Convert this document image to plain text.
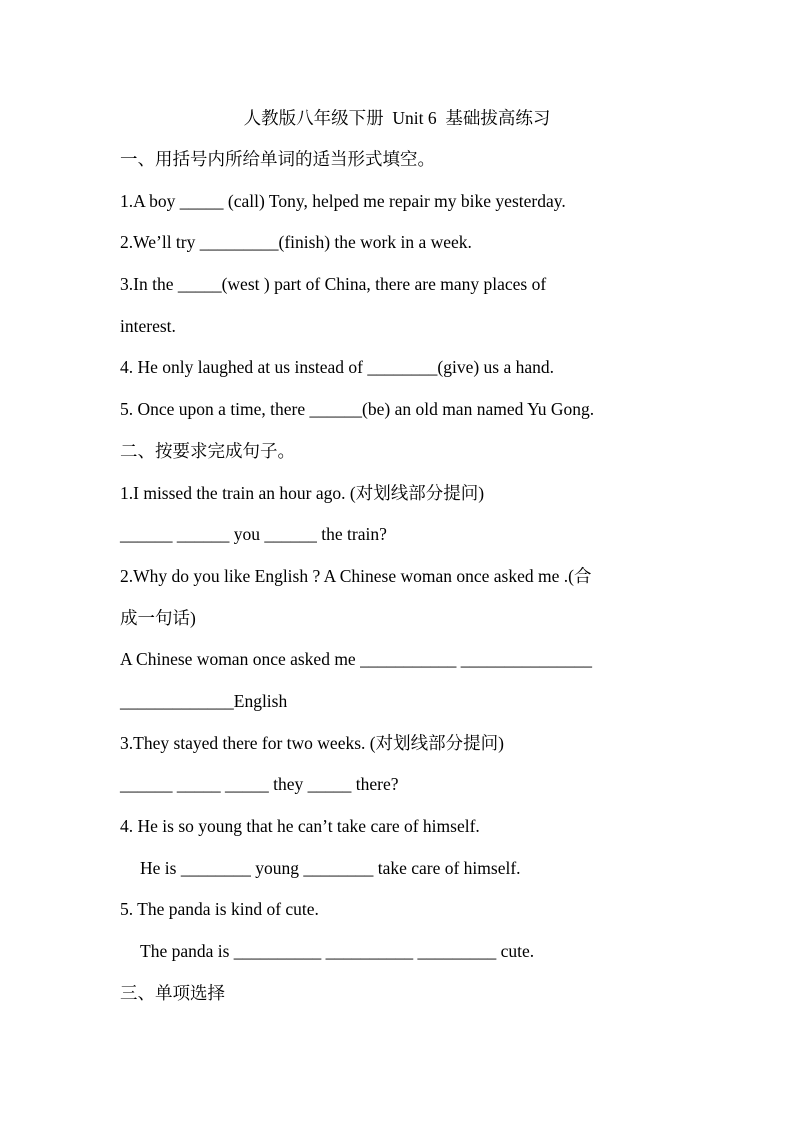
人教版八年级下册  Unit 6  基础拔高练习
一、用括号内所给单词的适当形式填空。
1.A boy _____ (call) Tony, helped me repair my bike yesterday.
2.We’ll try _________(finish) the work in a week.
3.In the _____(west ) part of China, there are many places of
interest.
4. He only laughed at us instead of ________(give) us a hand.
5. Once upon a time, there ______(be) an old man named Yu Gong.
二、按要求完成句子。
1.I missed the train an hour ago. (对划线部分提问)
______ ______ you ______ the train?
2.Why do you like English ? A Chinese woman once asked me .(合
成一句话)
A Chinese woman once asked me ___________ _______________
_____________English
3.They stayed there for two weeks. (对划线部分提问)
______ _____ _____ they _____ there?
4. He is so young that he can’t take care of himself.
He is ________ young ________ take care of himself.
5. The panda is kind of cute.
The panda is __________ __________ _________ cute.
三、单项选择
